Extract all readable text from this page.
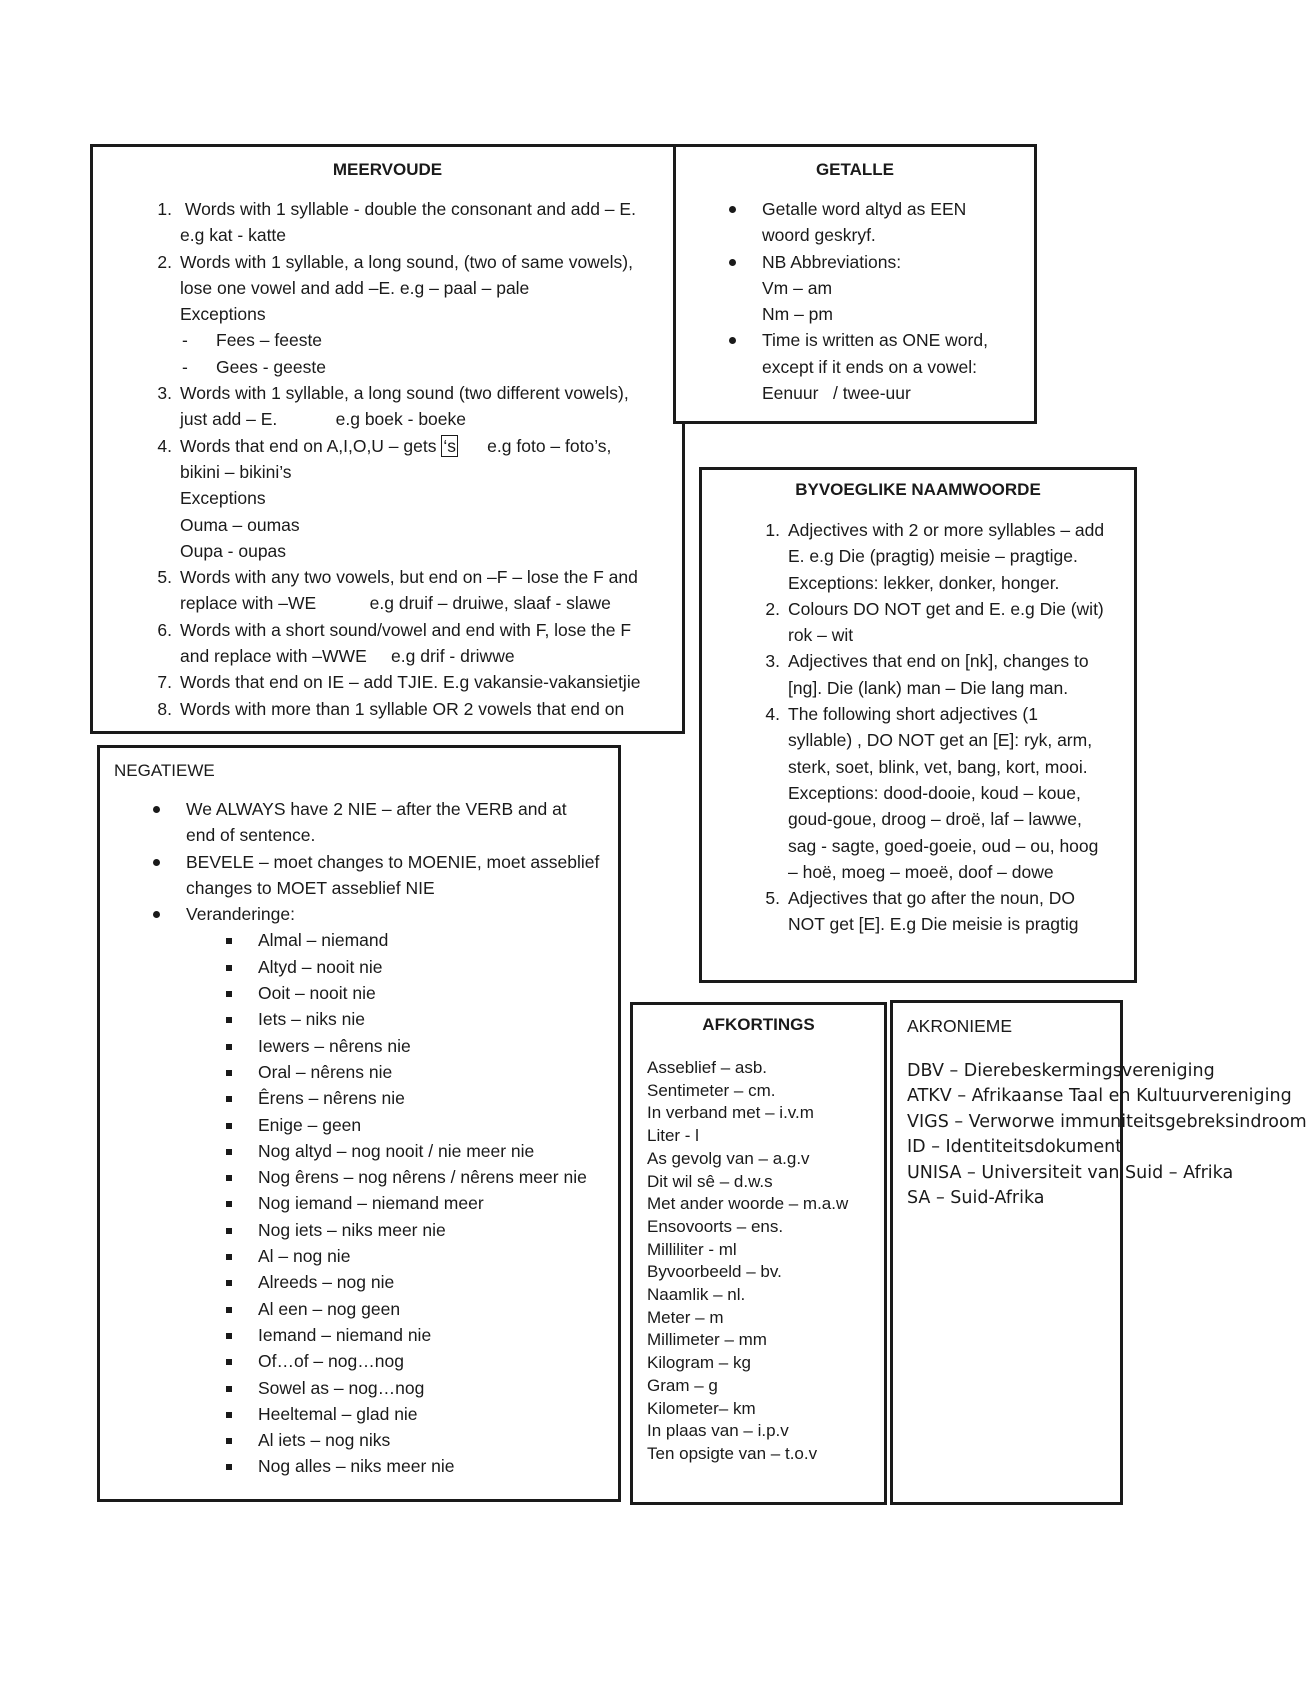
MEERVOUDE
1. Words with 1 syllable - double the consonant and add – E.
e.g kat - katte
2. Words with 1 syllable, a long sound, (two of same vowels),
lose one vowel and add –E. e.g – paal – pale
Exceptions
- Fees – feeste
- Gees - geeste
3. Words with 1 syllable, a long sound (two different vowels),
just add – E.            e.g boek - boeke
4. Words that end on A,I,O,U – gets ‘s      e.g foto – foto’s,
bikini – bikini’s
Exceptions
Ouma – oumas
Oupa - oupas
5. Words with any two vowels, but end on –F – lose the F and
replace with –WE           e.g druif – druiwe, slaaf - slawe
6. Words with a short sound/vowel and end with F, lose the F
and replace with –WWE     e.g drif - driwwe
7. Words that end on IE – add TJIE. E.g vakansie-vakansietjie
8. Words with more than 1 syllable OR 2 vowels that end on
GETALLE
Getalle word altyd as EEN
woord geskryf.
NB Abbreviations:
Vm – am
Nm – pm
Time is written as ONE word,
except if it ends on a vowel:
Eenuur   / twee-uur
BYVOEGLIKE NAAMWOORDE
1. Adjectives with 2 or more syllables – add
E. e.g Die (pragtig) meisie – pragtige.
Exceptions: lekker, donker, honger.
2. Colours DO NOT get and E. e.g Die (wit)
rok – wit
3. Adjectives that end on [nk], changes to
[ng]. Die (lank) man – Die lang man.
4. The following short adjectives (1
syllable) , DO NOT get an [E]: ryk, arm,
sterk, soet, blink, vet, bang, kort, mooi.
Exceptions: dood-dooie, koud – koue,
goud-goue, droog – droë, laf – lawwe,
sag - sagte, goed-goeie, oud – ou, hoog
– hoë, moeg – moeë, doof – dowe
5. Adjectives that go after the noun, DO
NOT get [E]. E.g Die meisie is pragtig
NEGATIEWE
We ALWAYS have 2 NIE – after the VERB and at
end of sentence.
BEVELE – moet changes to MOENIE, moet asseblief
changes to MOET asseblief NIE
Veranderinge:
Almal – niemand
Altyd – nooit nie
Ooit – nooit nie
Iets – niks nie
Iewers – nêrens nie
Oral – nêrens nie
Êrens – nêrens nie
Enige – geen
Nog altyd – nog nooit / nie meer nie
Nog êrens – nog nêrens / nêrens meer nie
Nog iemand – niemand meer
Nog iets – niks meer nie
Al – nog nie
Alreeds – nog nie
Al een – nog geen
Iemand – niemand nie
Of…of – nog…nog
Sowel as – nog…nog
Heeltemal – glad nie
Al iets – nog niks
Nog alles – niks meer nie
AFKORTINGS
Asseblief – asb.
Sentimeter – cm.
In verband met – i.v.m
Liter - l
As gevolg van – a.g.v
Dit wil sê – d.w.s
Met ander woorde – m.a.w
Ensovoorts – ens.
Milliliter - ml
Byvoorbeeld – bv.
Naamlik – nl.
Meter – m
Millimeter – mm
Kilogram – kg
Gram – g
Kilometer– km
In plaas van – i.p.v
Ten opsigte van – t.o.v
AKRONIEME
DBV – Dierebeskermingsvereniging
ATKV – Afrikaanse Taal en Kultuurvereniging
VIGS – Verworwe immuniteitsgebreksindroom
ID – Identiteitsdokument
UNISA – Universiteit van Suid – Afrika
SA – Suid-Afrika
